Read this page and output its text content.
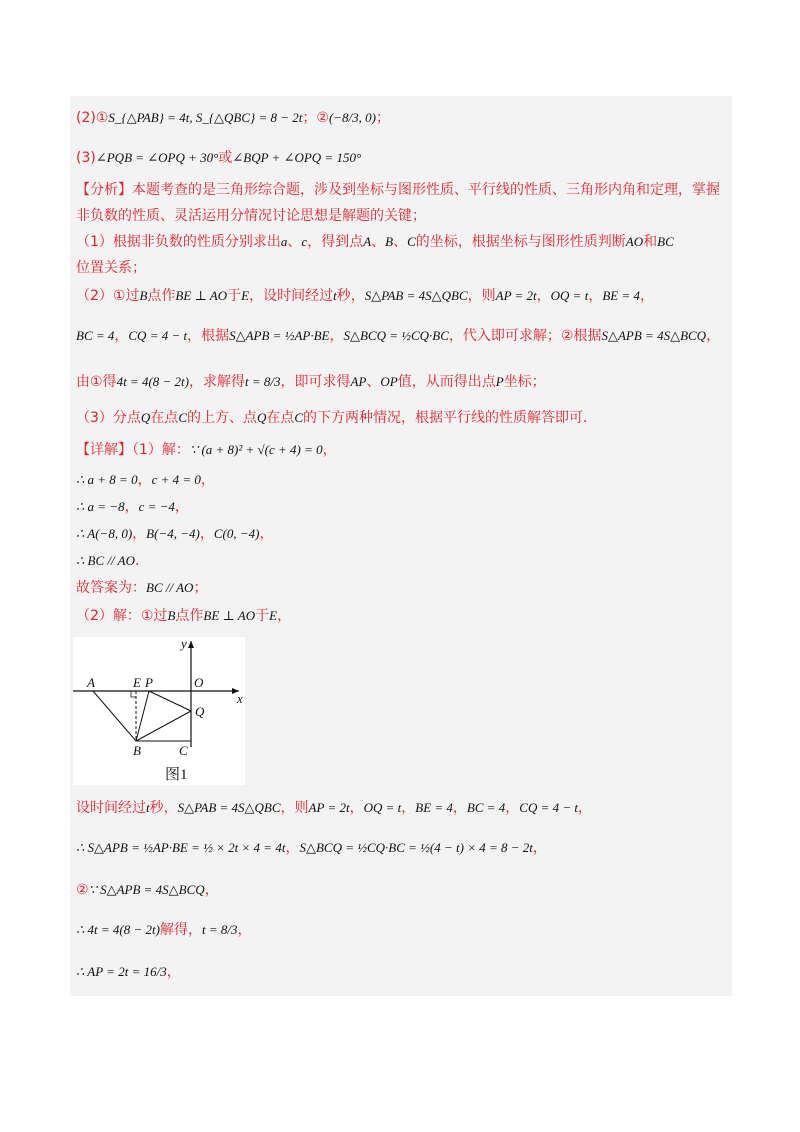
(2)①S_{△PAB} = 4t, S_{△QBC} = 8 − 2t；②(−8/3, 0)；
(3)∠PQB = ∠OPQ + 30°或∠BQP + ∠OPQ = 150°
【分析】本题考查的是三角形综合题，涉及到坐标与图形性质、平行线的性质、三角形内角和定理，掌握
非负数的性质、灵活运用分情况讨论思想是解题的关键；
（1）根据非负数的性质分别求出a、c，得到点A、B、C的坐标，根据坐标与图形性质判断AO和BC
位置关系；
（2）①过B点作BE ⊥ AO于E，设时间经过t秒，S△PAB = 4S△QBC，则AP = 2t，OQ = t，BE = 4，
BC = 4，CQ = 4 − t，根据S△APB = ½AP·BE，S△BCQ = ½CQ·BC，代入即可求解；②根据S△APB = 4S△BCQ，
由①得4t = 4(8 − 2t)，求解得t = 8/3，即可求得AP、OP值，从而得出点P坐标；
（3）分点Q在点C的上方、点Q在点C的下方两种情况，根据平行线的性质解答即可．
【详解】（1）解：∵ (a + 8)² + √(c + 4) = 0，
∴ a + 8 = 0，c + 4 = 0，
∴ a = −8，c = −4，
∴ A(−8, 0)，B(−4, −4)，C(0, −4)，
∴ BC // AO．
故答案为：BC // AO；
（2）解：①过B点作BE ⊥ AO于E，
设时间经过t秒，S△PAB = 4S△QBC，则AP = 2t，OQ = t，BE = 4，BC = 4，CQ = 4 − t，
∴ S△APB = ½AP·BE = ½ × 2t × 4 = 4t，S△BCQ = ½CQ·BC = ½(4 − t) × 4 = 8 − 2t，
②∵ S△APB = 4S△BCQ，
∴ 4t = 4(8 − 2t)解得，t = 8/3，
∴ AP = 2t = 16/3，
A	E P	O
Q
B	C
x
y
图1
